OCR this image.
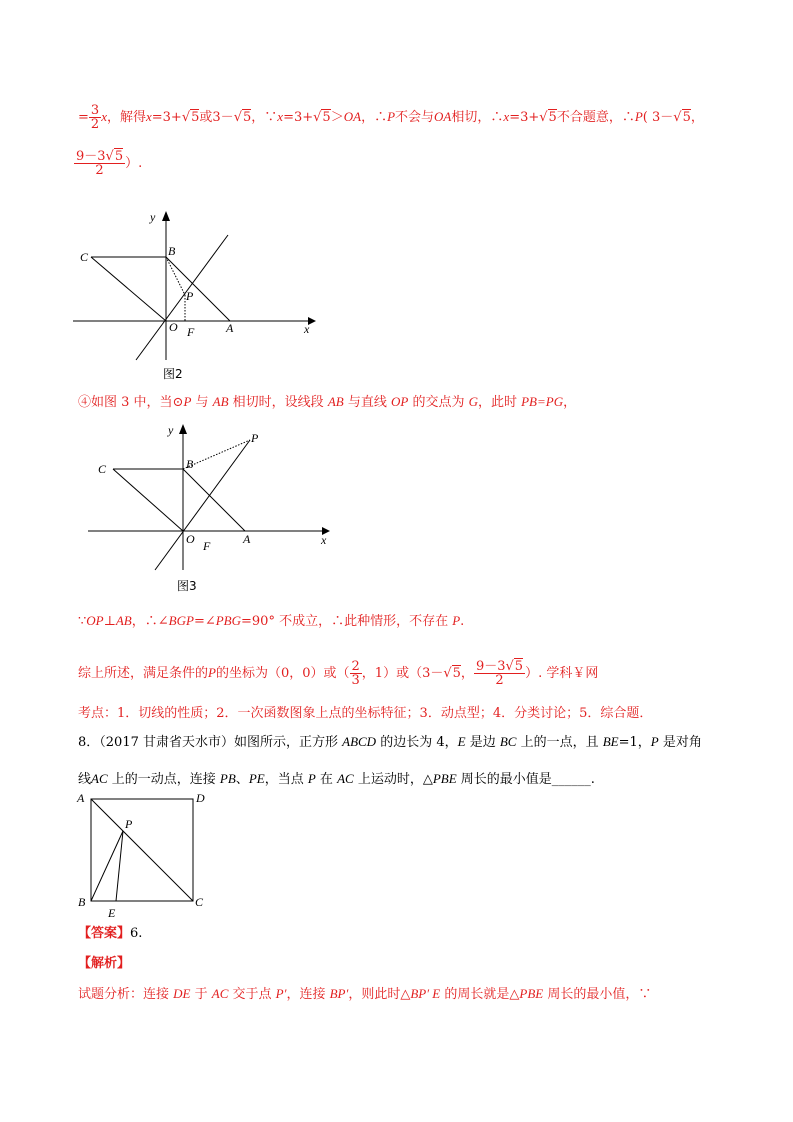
= $\frac{3}{2}$ x，解得x=3+√5或3－√5，∵x=3+√5＞OA，∴P不会与OA相切，∴x=3+√5不合题意，∴P( 3－√5，
$\frac{9-3√5}{2}$ ）.
y
x
C	B
P
O F	A
图2
④如图 3 中，当⊙P 与 AB 相切时，设线段 AB 与直线 OP 的交点为 G，此时 PB=PG，
y
x
C	B
P
O F	A
图3
∵OP⊥AB，∴∠BGP=∠PBG=90° 不成立，∴此种情形，不存在 P.
综上所述，满足条件的P的坐标为（0，0）或（ $\frac{2}{3}$ ，1）或（3－√5， $\frac{9-3√5}{2}$ ）. 学科￥网
考点：1．切线的性质；2．一次函数图象上点的坐标特征；3．动点型；4．分类讨论；5．综合题．
8．（2017 甘肃省天水市）如图所示，正方形 ABCD 的边长为 4，E 是边 BC 上的一点，且 BE=1，P 是对角
线AC 上的一动点，连接 PB、PE，当点 P 在 AC 上运动时，△PBE 周长的最小值是______.
A	D
P
B
E
C
【答案】6.
【解析】
试题分析：连接 DE 于 AC 交于点 P′，连接 BP′，则此时△BP′ E 的周长就是△PBE 周长的最小值，∵
